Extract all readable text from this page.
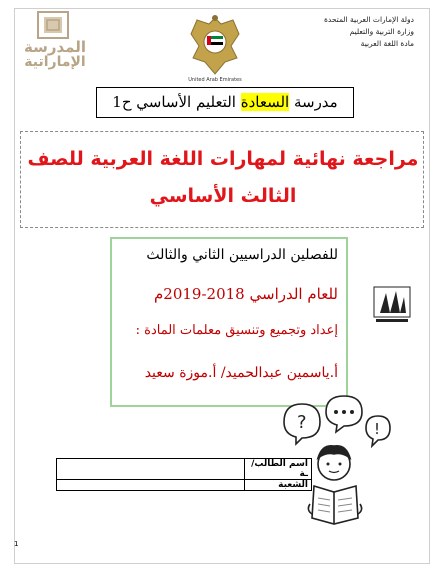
المدرسة
الإماراتية
United Arab Emirates
دولة الإمارات العربية المتحدة
وزارة التربية والتعليم
مادة اللغة العربية
مدرسة السعادة التعليم الأساسي ح1
مراجعة نهائية لمهارات اللغة العربية للصف
الثالث الأساسي
للفصلين الدراسيين الثاني والثالث
للعام الدراسي 2018-2019م
إعداد وتجميع وتنسيق معلمات المادة :
أ.ياسمين عبدالحميد/ أ.موزة سعيد
اسم الطالب/ ـة	
الشعبة	
?	!
1
